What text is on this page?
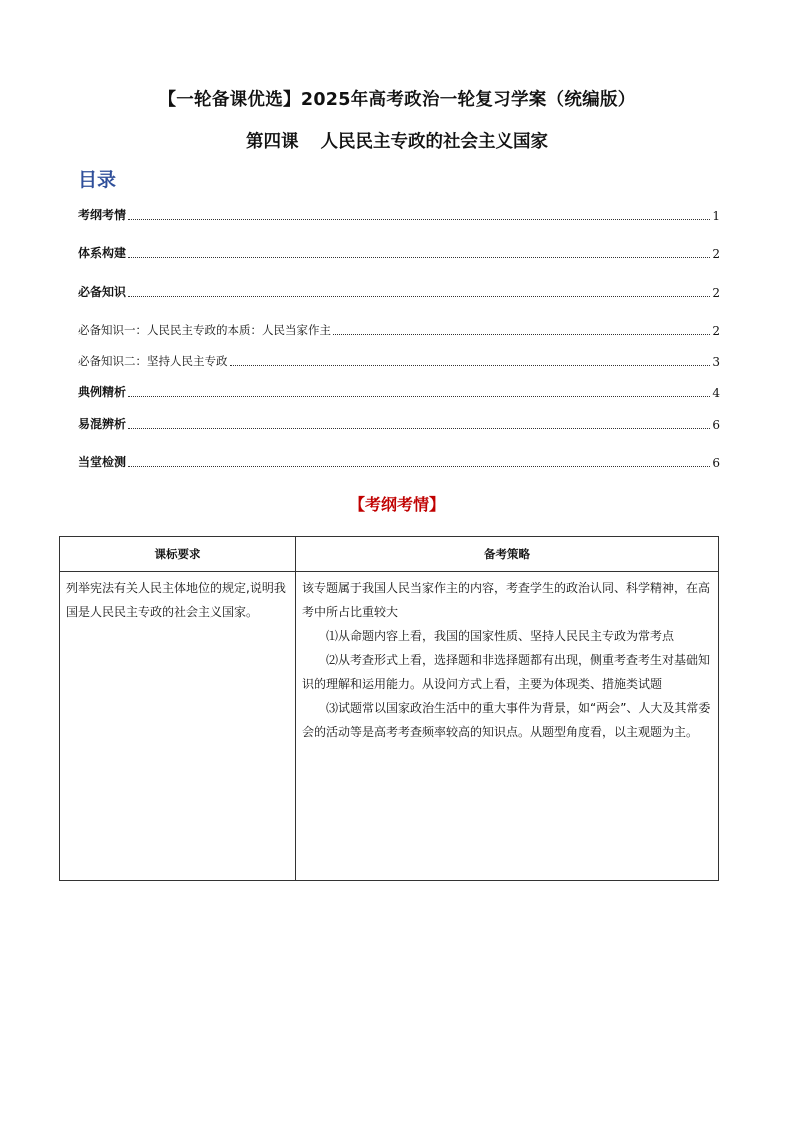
【一轮备课优选】2025年高考政治一轮复习学案（统编版）
第四课 人民民主专政的社会主义国家
目录
考纲考情	1
体系构建	2
必备知识	2
必备知识一：人民民主专政的本质：人民当家作主	2
必备知识二：坚持人民主专政	3
典例精析	4
易混辨析	6
当堂检测	6
【考纲考情】
课标要求	备考策略

列举宪法有关人民主体地位的规定,说明我国是人民民主专政的社会主义国家。	该专题属于我国人民当家作主的内容，考查学生的政治认同、科学精神，在高考中所占比重较大

⑴从命题内容上看，我国的国家性质、坚持人民民主专政为常考点

⑵从考查形式上看，选择题和非选择题都有出现，侧重考查考生对基础知识的理解和运用能力。从设问方式上看，主要为体现类、措施类试题

⑶试题常以国家政治生活中的重大事件为背景，如“两会”、人大及其常委会的活动等是高考考查频率较高的知识点。从题型角度看，以主观题为主。
